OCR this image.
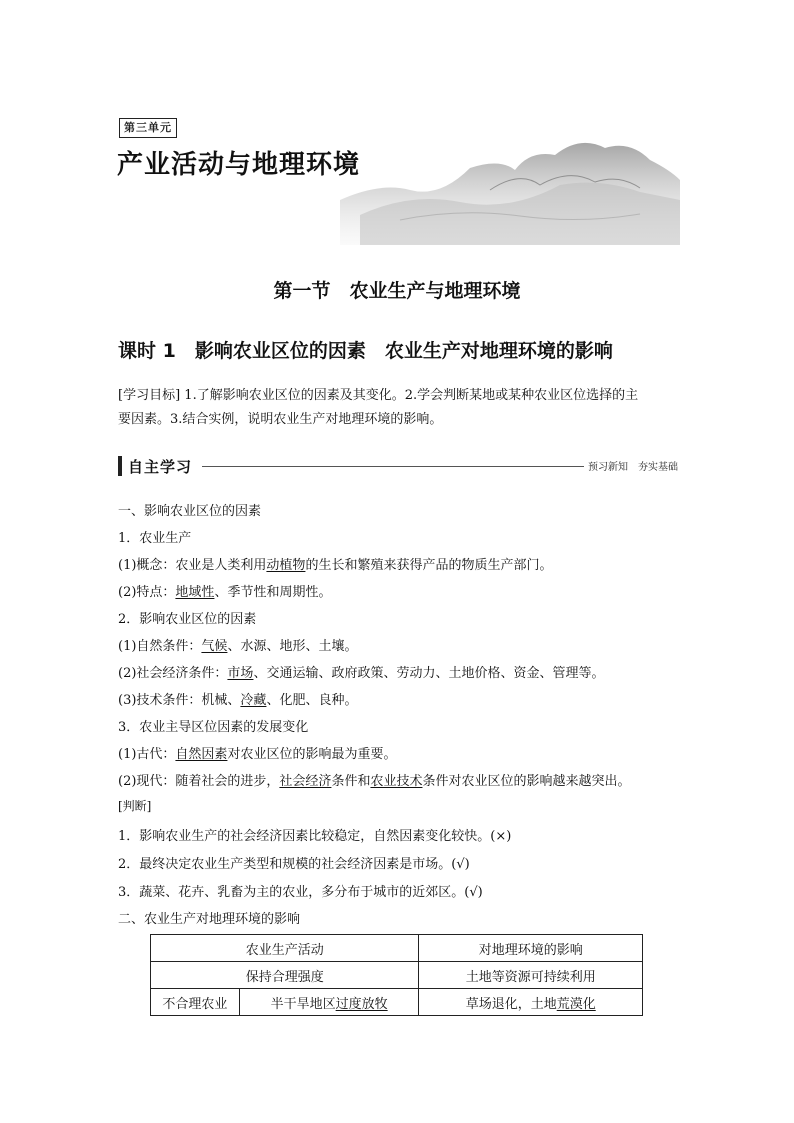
第三单元
产业活动与地理环境
第一节　农业生产与地理环境
课时 1　影响农业区位的因素　农业生产对地理环境的影响
[学习目标] 1.了解影响农业区位的因素及其变化。2.学会判断某地或某种农业区位选择的主
要因素。3.结合实例，说明农业生产对地理环境的影响。
自主学习	预习新知　夯实基础
一、影响农业区位的因素
1．农业生产
(1)概念：农业是人类利用动植物的生长和繁殖来获得产品的物质生产部门。
(2)特点：地域性、季节性和周期性。
2．影响农业区位的因素
(1)自然条件：气候、水源、地形、土壤。
(2)社会经济条件：市场、交通运输、政府政策、劳动力、土地价格、资金、管理等。
(3)技术条件：机械、冷藏、化肥、良种。
3．农业主导区位因素的发展变化
(1)古代：自然因素对农业区位的影响最为重要。
(2)现代：随着社会的进步，社会经济条件和农业技术条件对农业区位的影响越来越突出。
[判断]
1．影响农业生产的社会经济因素比较稳定，自然因素变化较快。(×)
2．最终决定农业生产类型和规模的社会经济因素是市场。(√)
3．蔬菜、花卉、乳畜为主的农业，多分布于城市的近郊区。(√)
二、农业生产对地理环境的影响
农业生产活动		对地理环境的影响
保持合理强度		土地等资源可持续利用
不合理农业	半干旱地区过度放牧	草场退化，土地荒漠化
